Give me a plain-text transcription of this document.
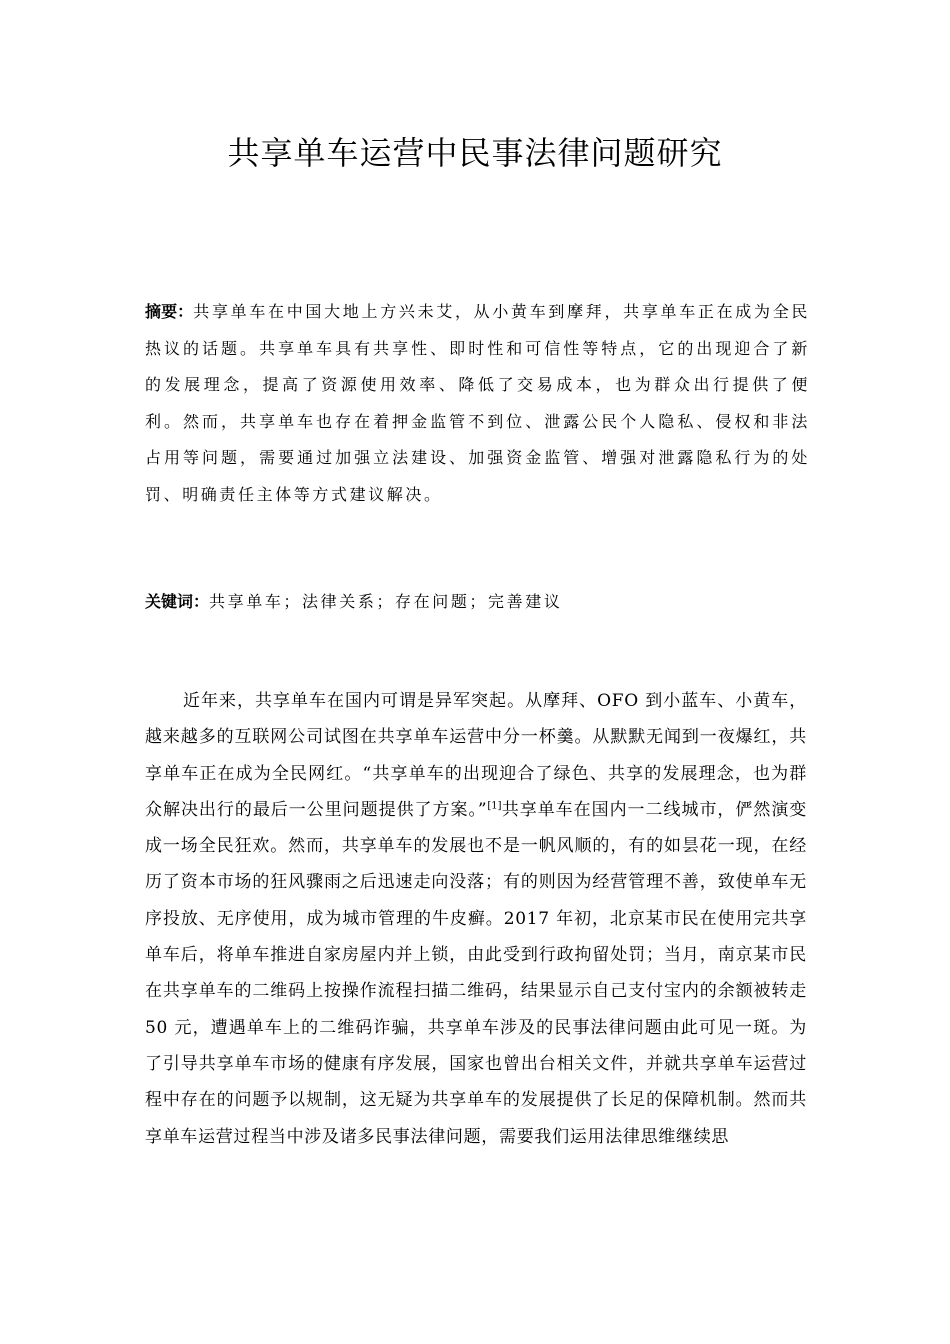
共享单车运营中民事法律问题研究

摘要：共享单车在中国大地上方兴未艾，从小黄车到摩拜，共享单车正在成为全民热议的话题。共享单车具有共享性、即时性和可信性等特点，它的出现迎合了新的发展理念，提高了资源使用效率、降低了交易成本，也为群众出行提供了便利。然而，共享单车也存在着押金监管不到位、泄露公民个人隐私、侵权和非法占用等问题，需要通过加强立法建设、加强资金监管、增强对泄露隐私行为的处罚、明确责任主体等方式建议解决。

关键词：共享单车；法律关系；存在问题；完善建议

近年来，共享单车在国内可谓是异军突起。从摩拜、OFO 到小蓝车、小黄车，越来越多的互联网公司试图在共享单车运营中分一杯羹。从默默无闻到一夜爆红，共享单车正在成为全民网红。“共享单车的出现迎合了绿色、共享的发展理念，也为群众解决出行的最后一公里问题提供了方案。”[1]共享单车在国内一二线城市，俨然演变成一场全民狂欢。然而，共享单车的发展也不是一帆风顺的，有的如昙花一现，在经历了资本市场的狂风骤雨之后迅速走向没落；有的则因为经营管理不善，致使单车无序投放、无序使用，成为城市管理的牛皮癣。2017 年初，北京某市民在使用完共享单车后，将单车推进自家房屋内并上锁，由此受到行政拘留处罚；当月，南京某市民在共享单车的二维码上按操作流程扫描二维码，结果显示自己支付宝内的余额被转走 50 元，遭遇单车上的二维码诈骗，共享单车涉及的民事法律问题由此可见一斑。为了引导共享单车市场的健康有序发展，国家也曾出台相关文件，并就共享单车运营过程中存在的问题予以规制，这无疑为共享单车的发展提供了长足的保障机制。然而共享单车运营过程当中涉及诸多民事法律问题，需要我们运用法律思维继续思
